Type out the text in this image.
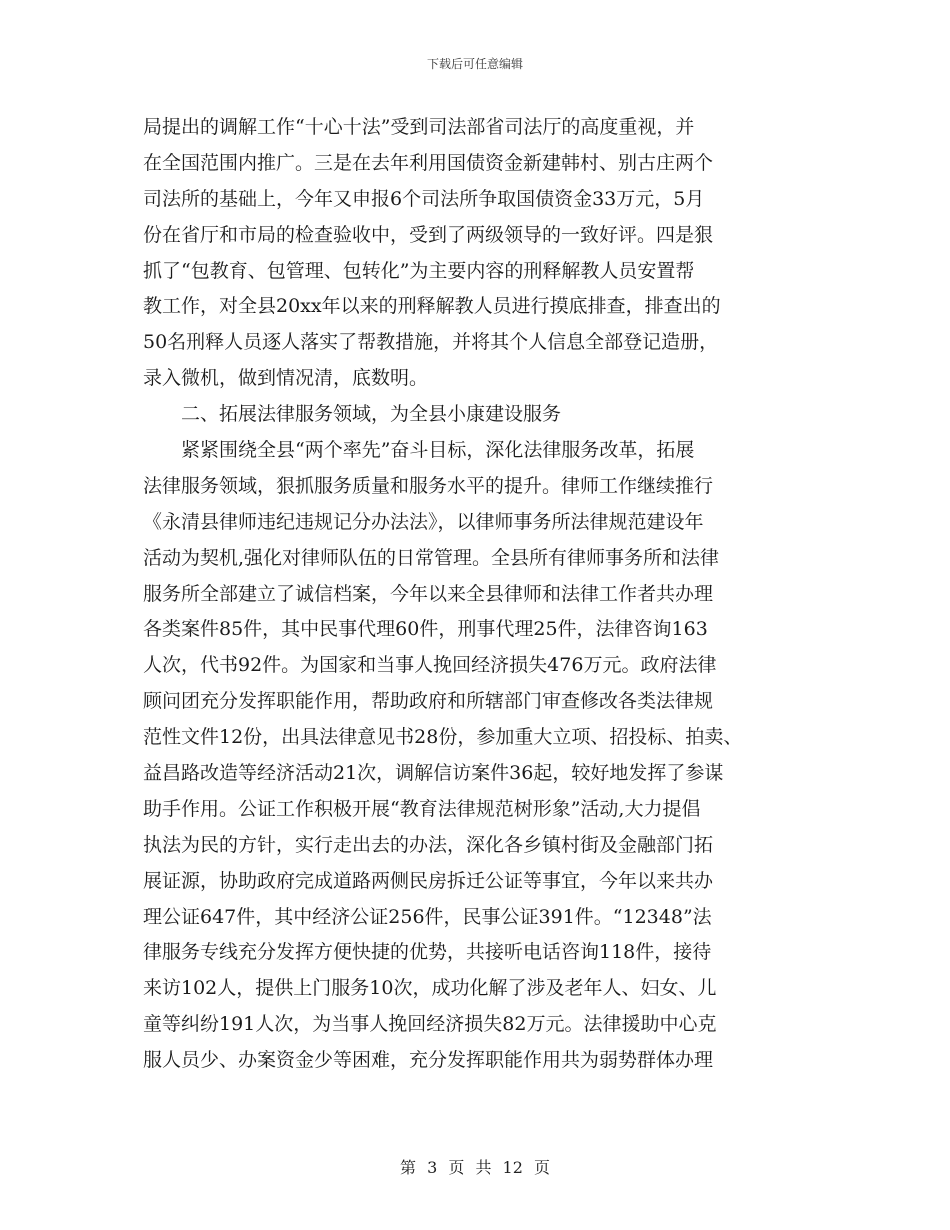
下载后可任意编辑
局提出的调解工作“十心十法”受到司法部省司法厅的高度重视，并
在全国范围内推广。三是在去年利用国债资金新建韩村、别古庄两个
司法所的基础上，今年又申报6个司法所争取国债资金33万元，5月
份在省厅和市局的检查验收中，受到了两级领导的一致好评。四是狠
抓了“包教育、包管理、包转化”为主要内容的刑释解教人员安置帮
教工作，对全县20xx年以来的刑释解教人员进行摸底排查，排查出的
50名刑释人员逐人落实了帮教措施，并将其个人信息全部登记造册，
录入微机，做到情况清，底数明。
二、拓展法律服务领域，为全县小康建设服务
紧紧围绕全县“两个率先”奋斗目标，深化法律服务改革，拓展
法律服务领域，狠抓服务质量和服务水平的提升。律师工作继续推行
《永清县律师违纪违规记分办法法》，以律师事务所法律规范建设年
活动为契机,强化对律师队伍的日常管理。全县所有律师事务所和法律
服务所全部建立了诚信档案，今年以来全县律师和法律工作者共办理
各类案件85件，其中民事代理60件，刑事代理25件，法律咨询163
人次，代书92件。为国家和当事人挽回经济损失476万元。政府法律
顾问团充分发挥职能作用，帮助政府和所辖部门审查修改各类法律规
范性文件12份，出具法律意见书28份，参加重大立项、招投标、拍卖、
益昌路改造等经济活动21次，调解信访案件36起，较好地发挥了参谋
助手作用。公证工作积极开展“教育法律规范树形象”活动,大力提倡
执法为民的方针，实行走出去的办法，深化各乡镇村街及金融部门拓
展证源，协助政府完成道路两侧民房拆迁公证等事宜，今年以来共办
理公证647件，其中经济公证256件，民事公证391件。“12348”法
律服务专线充分发挥方便快捷的优势，共接听电话咨询118件，接待
来访102人，提供上门服务10次，成功化解了涉及老年人、妇女、儿
童等纠纷191人次，为当事人挽回经济损失82万元。法律援助中心克
服人员少、办案资金少等困难，充分发挥职能作用共为弱势群体办理
第 3 页 共 12 页
